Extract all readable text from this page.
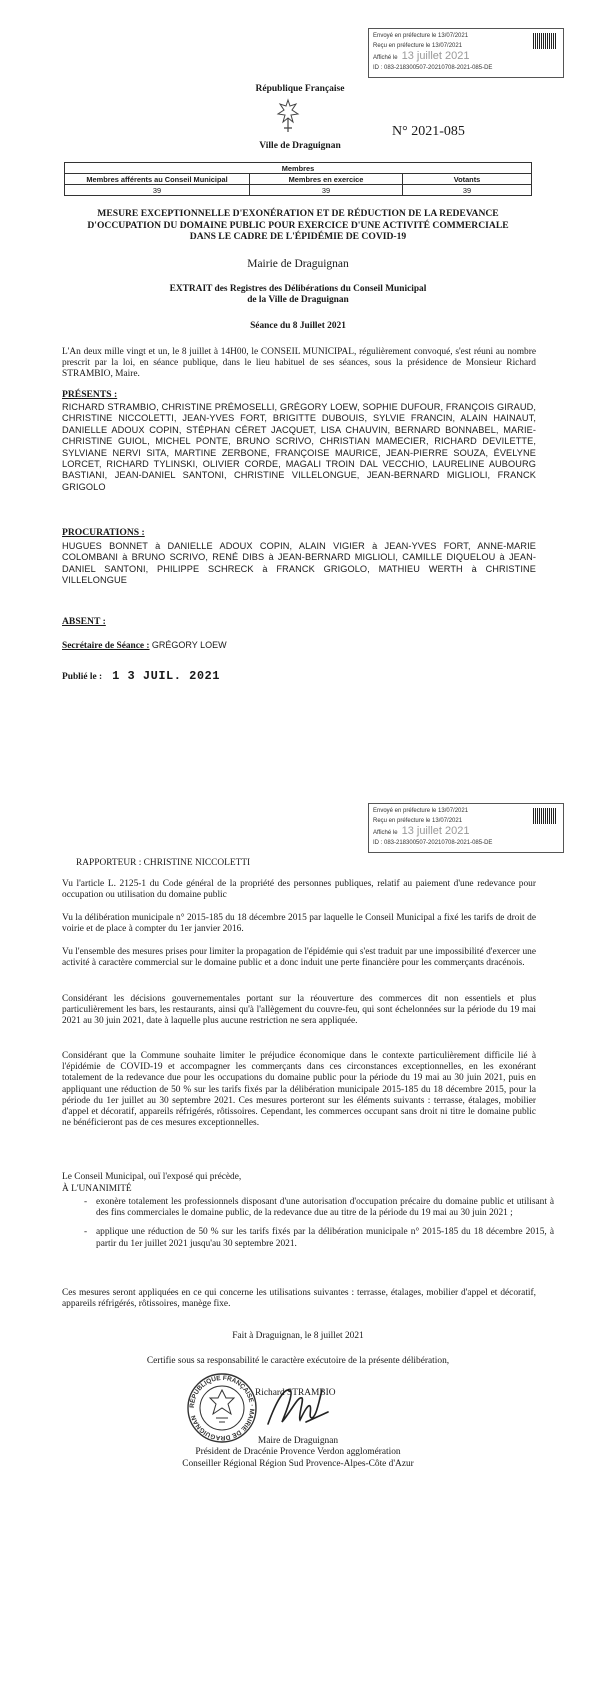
Envoyé en préfecture le 13/07/2021
Reçu en préfecture le 13/07/2021
Affiché le 13 juillet 2021
ID : 083-218300507-20210708-2021-085-DE
République Française
Ville de Draguignan
N° 2021-085
Membres		
Membres afférents au Conseil Municipal	Membres en exercice	Votants
39	39	39
MESURE EXCEPTIONNELLE D'EXONÉRATION ET DE RÉDUCTION DE LA REDEVANCE D'OCCUPATION DU DOMAINE PUBLIC POUR EXERCICE D'UNE ACTIVITÉ COMMERCIALE DANS LE CADRE DE L'ÉPIDÉMIE DE COVID-19
Mairie de Draguignan
EXTRAIT des Registres des Délibérations du Conseil Municipal
de la Ville de Draguignan
Séance du 8 Juillet 2021
L'An deux mille vingt et un, le 8 juillet à 14H00, le CONSEIL MUNICIPAL, régulièrement convoqué, s'est réuni au nombre prescrit par la loi, en séance publique, dans le lieu habituel de ses séances, sous la présidence de Monsieur Richard STRAMBIO, Maire.
PRÉSENTS :
RICHARD STRAMBIO, CHRISTINE PRÉMOSELLI, GRÉGORY LOEW, SOPHIE DUFOUR, FRANÇOIS GIRAUD, CHRISTINE NICCOLETTI, JEAN-YVES FORT, BRIGITTE DUBOUIS, SYLVIE FRANCIN, ALAIN HAINAUT, DANIELLE ADOUX COPIN, STÉPHAN CÉRET JACQUET, LISA CHAUVIN, BERNARD BONNABEL, MARIE-CHRISTINE GUIOL, MICHEL PONTE, BRUNO SCRIVO, CHRISTIAN MAMECIER, RICHARD DEVILETTE, SYLVIANE NERVI SITA, MARTINE ZERBONE, FRANÇOISE MAURICE, JEAN-PIERRE SOUZA, ÉVELYNE LORCET, RICHARD TYLINSKI, OLIVIER CORDE, MAGALI TROIN DAL VECCHIO, LAURELINE AUBOURG BASTIANI, JEAN-DANIEL SANTONI, CHRISTINE VILLELONGUE, JEAN-BERNARD MIGLIOLI, FRANCK GRIGOLO
PROCURATIONS :
HUGUES BONNET à DANIELLE ADOUX COPIN, ALAIN VIGIER à JEAN-YVES FORT, ANNE-MARIE COLOMBANI à BRUNO SCRIVO, RENÉ DIBS à JEAN-BERNARD MIGLIOLI, CAMILLE DIQUELOU à JEAN-DANIEL SANTONI, PHILIPPE SCHRECK à FRANCK GRIGOLO, MATHIEU WERTH à CHRISTINE VILLELONGUE
ABSENT :
Secrétaire de Séance : GRÉGORY LOEW
Publié le : 1 3 JUIL. 2021
Envoyé en préfecture le 13/07/2021
Reçu en préfecture le 13/07/2021
Affiché le 13 juillet 2021
ID : 083-218300507-20210708-2021-085-DE
RAPPORTEUR : CHRISTINE NICCOLETTI
Vu l'article L. 2125-1 du Code général de la propriété des personnes publiques, relatif au paiement d'une redevance pour occupation ou utilisation du domaine public
Vu la délibération municipale n° 2015-185 du 18 décembre 2015 par laquelle le Conseil Municipal a fixé les tarifs de droit de voirie et de place à compter du 1er janvier 2016.
Vu l'ensemble des mesures prises pour limiter la propagation de l'épidémie qui s'est traduit par une impossibilité d'exercer une activité à caractère commercial sur le domaine public et a donc induit une perte financière pour les commerçants dracénois.
Considérant les décisions gouvernementales portant sur la réouverture des commerces dit non essentiels et plus particulièrement les bars, les restaurants, ainsi qu'à l'allègement du couvre-feu, qui sont échelonnées sur la période du 19 mai 2021 au 30 juin 2021, date à laquelle plus aucune restriction ne sera appliquée.
Considérant que la Commune souhaite limiter le préjudice économique dans le contexte particulièrement difficile lié à l'épidémie de COVID-19 et accompagner les commerçants dans ces circonstances exceptionnelles, en les exonérant totalement de la redevance due pour les occupations du domaine public pour la période du 19 mai au 30 juin 2021, puis en appliquant une réduction de 50 % sur les tarifs fixés par la délibération municipale 2015-185 du 18 décembre 2015, pour la période du 1er juillet au 30 septembre 2021. Ces mesures porteront sur les éléments suivants : terrasse, étalages, mobilier d'appel et décoratif, appareils réfrigérés, rôtissoires. Cependant, les commerces occupant sans droit ni titre le domaine public ne bénéficieront pas de ces mesures exceptionnelles.
Le Conseil Municipal, ouï l'exposé qui précède,
À L'UNANIMITÉ
- exonère totalement les professionnels disposant d'une autorisation d'occupation précaire du domaine public et utilisant à des fins commerciales le domaine public, de la redevance due au titre de la période du 19 mai au 30 juin 2021 ;
- applique une réduction de 50 % sur les tarifs fixés par la délibération municipale n° 2015-185 du 18 décembre 2015, à partir du 1er juillet 2021 jusqu'au 30 septembre 2021.
Ces mesures seront appliquées en ce qui concerne les utilisations suivantes : terrasse, étalages, mobilier d'appel et décoratif, appareils réfrigérés, rôtissoires, manège fixe.
Fait à Draguignan, le 8 juillet 2021
Certifie sous sa responsabilité le caractère exécutoire de la présente délibération,
RÉPUBLIQUE FRANÇAISE · MAIRIE DE DRAGUIGNAN
Richard STRAMBIO
Maire de Draguignan
Président de Dracénie Provence Verdon agglomération
Conseiller Régional Région Sud Provence-Alpes-Côte d'Azur
